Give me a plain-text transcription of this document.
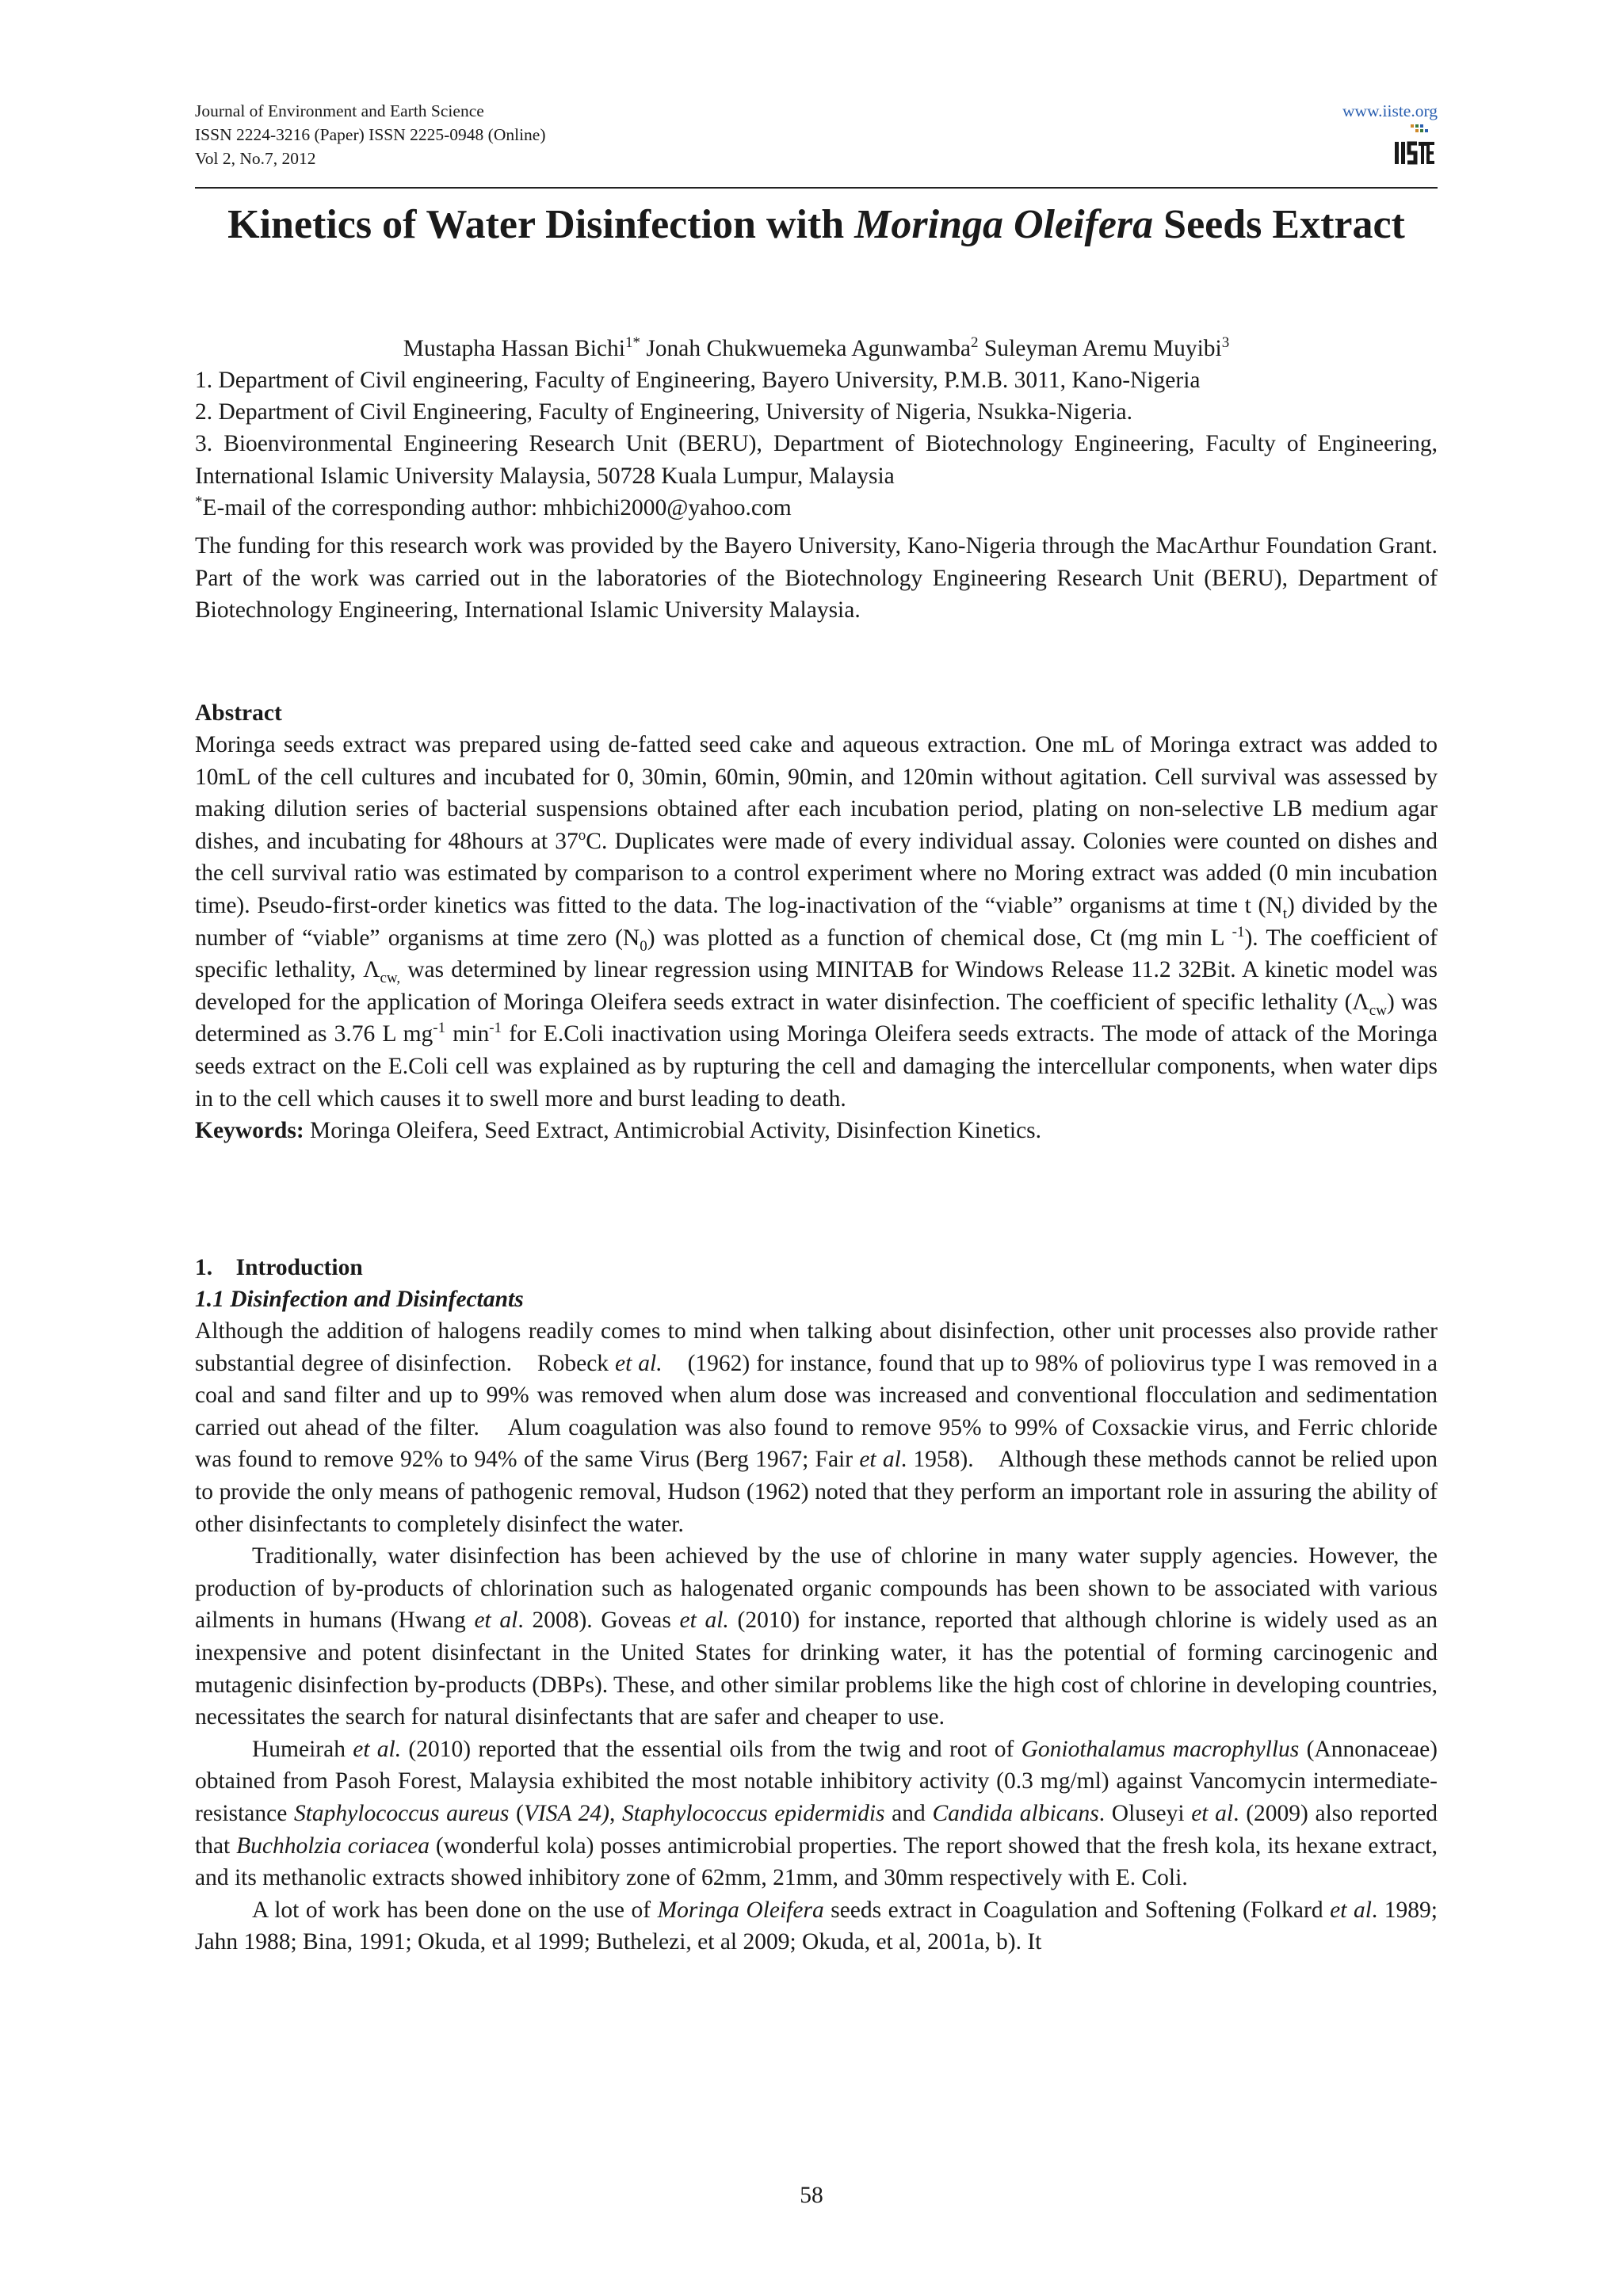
Journal of Environment and Earth Science
ISSN 2224-3216 (Paper) ISSN 2225-0948 (Online)
Vol 2, No.7, 2012
www.iiste.org
Kinetics of Water Disinfection with Moringa Oleifera Seeds Extract
Mustapha Hassan Bichi$^{1*}$ Jonah Chukwuemeka Agunwamba$^2$ Suleyman Aremu Muyibi$^3$
1. Department of Civil engineering, Faculty of Engineering, Bayero University, P.M.B. 3011, Kano-Nigeria
2. Department of Civil Engineering, Faculty of Engineering, University of Nigeria, Nsukka-Nigeria.
3. Bioenvironmental Engineering Research Unit (BERU), Department of Biotechnology Engineering, Faculty of Engineering, International Islamic University Malaysia, 50728 Kuala Lumpur, Malaysia
*E-mail of the corresponding author: mhbichi2000@yahoo.com
The funding for this research work was provided by the Bayero University, Kano-Nigeria through the MacArthur Foundation Grant. Part of the work was carried out in the laboratories of the Biotechnology Engineering Research Unit (BERU), Department of Biotechnology Engineering, International Islamic University Malaysia.
Abstract
Moringa seeds extract was prepared using de-fatted seed cake and aqueous extraction. One mL of Moringa extract was added to 10mL of the cell cultures and incubated for 0, 30min, 60min, 90min, and 120min without agitation. Cell survival was assessed by making dilution series of bacterial suspensions obtained after each incubation period, plating on non-selective LB medium agar dishes, and incubating for 48hours at 37$^o$C. Duplicates were made of every individual assay. Colonies were counted on dishes and the cell survival ratio was estimated by comparison to a control experiment where no Moring extract was added (0 min incubation time). Pseudo-first-order kinetics was fitted to the data. The log-inactivation of the “viable” organisms at time t $(N_t)$ divided by the number of “viable” organisms at time zero $(N_0)$ was plotted as a function of chemical dose, Ct (mg min L $^{-1}$). The coefficient of specific lethality, $\Lambda_{cw,}$ was determined by linear regression using MINITAB for Windows Release 11.2 32Bit. A kinetic model was developed for the application of Moringa Oleifera seeds extract in water disinfection. The coefficient of specific lethality $(\Lambda_{cw})$ was determined as 3.76 L $mg^{-1}$ $\min^{-1}$ for E.Coli inactivation using Moringa Oleifera seeds extracts. The mode of attack of the Moringa seeds extract on the E.Coli cell was explained as by rupturing the cell and damaging the intercellular components, when water dips in to the cell which causes it to swell more and burst leading to death.
Keywords: Moringa Oleifera, Seed Extract, Antimicrobial Activity, Disinfection Kinetics.
1.    Introduction
1.1 Disinfection and Disinfectants
Although the addition of halogens readily comes to mind when talking about disinfection, other unit processes also provide rather substantial degree of disinfection.    Robeck et al.    (1962) for instance, found that up to 98% of poliovirus type I was removed in a coal and sand filter and up to 99% was removed when alum dose was increased and conventional flocculation and sedimentation carried out ahead of the filter.    Alum coagulation was also found to remove 95% to 99% of Coxsackie virus, and Ferric chloride was found to remove 92% to 94% of the same Virus (Berg 1967; Fair et al. 1958).    Although these methods cannot be relied upon to provide the only means of pathogenic removal, Hudson (1962) noted that they perform an important role in assuring the ability of other disinfectants to completely disinfect the water.
Traditionally, water disinfection has been achieved by the use of chlorine in many water supply agencies. However, the production of by-products of chlorination such as halogenated organic compounds has been shown to be associated with various ailments in humans (Hwang et al. 2008). Goveas et al. (2010) for instance, reported that although chlorine is widely used as an inexpensive and potent disinfectant in the United States for drinking water, it has the potential of forming carcinogenic and mutagenic disinfection by-products (DBPs). These, and other similar problems like the high cost of chlorine in developing countries, necessitates the search for natural disinfectants that are safer and cheaper to use.
Humeirah et al. (2010) reported that the essential oils from the twig and root of Goniothalamus macrophyllus (Annonaceae) obtained from Pasoh Forest, Malaysia exhibited the most notable inhibitory activity (0.3 mg/ml) against Vancomycin intermediate-resistance Staphylococcus aureus (VISA 24), Staphylococcus epidermidis and Candida albicans. Oluseyi et al. (2009) also reported that Buchholzia coriacea (wonderful kola) posses antimicrobial properties. The report showed that the fresh kola, its hexane extract, and its methanolic extracts showed inhibitory zone of 62mm, 21mm, and 30mm respectively with E. Coli.
A lot of work has been done on the use of Moringa Oleifera seeds extract in Coagulation and Softening (Folkard et al. 1989; Jahn 1988; Bina, 1991; Okuda, et al 1999; Buthelezi, et al 2009; Okuda, et al, 2001a, b). It
58
